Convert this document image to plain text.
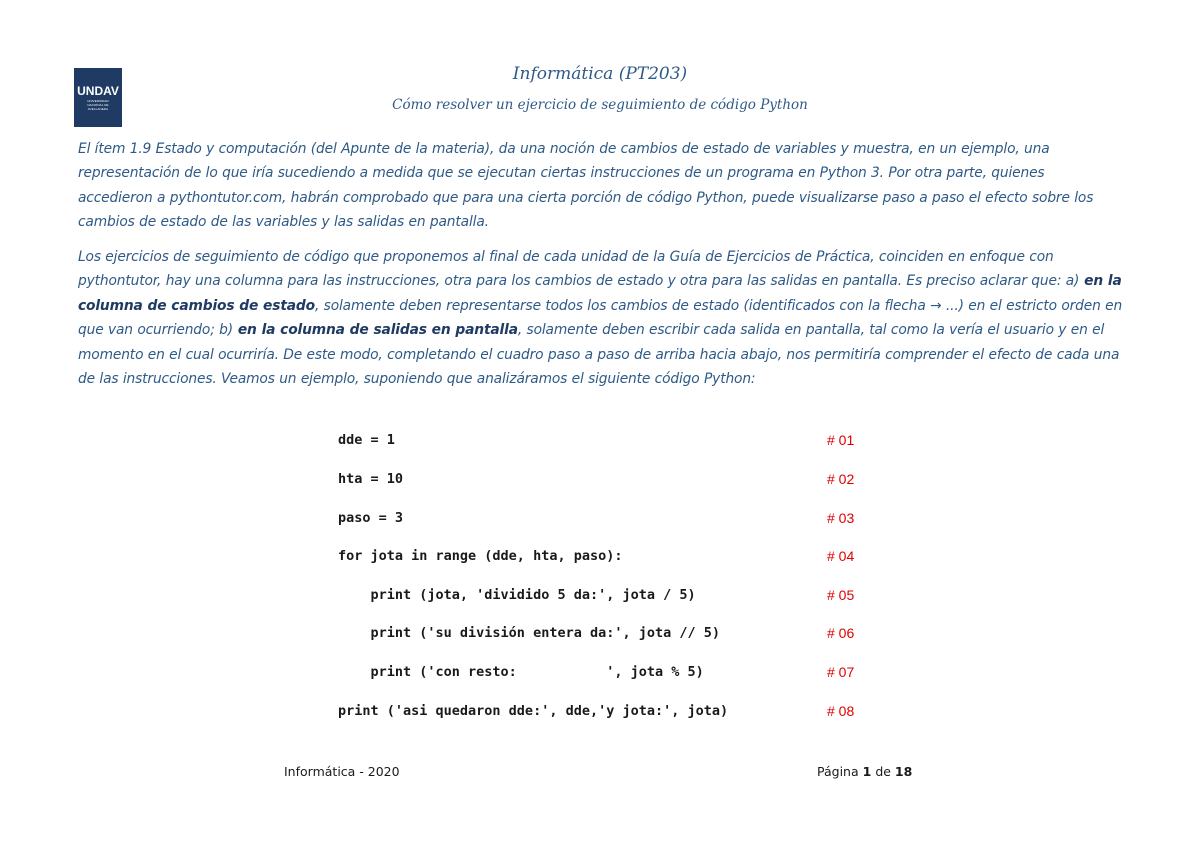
UNDAV
UNIVERSIDAD
NACIONAL DE
AVELLANEDA
Informática (PT203)
Cómo resolver un ejercicio de seguimiento de código Python

El ítem 1.9 Estado y computación (del Apunte de la materia), da una noción de cambios de estado de variables y muestra, en un ejemplo, una representación de lo que iría sucediendo a medida que se ejecutan ciertas instrucciones de un programa en Python 3. Por otra parte, quienes accedieron a pythontutor.com, habrán comprobado que para una cierta porción de código Python, puede visualizarse paso a paso el efecto sobre los cambios de estado de las variables y las salidas en pantalla.

Los ejercicios de seguimiento de código que proponemos al final de cada unidad de la Guía de Ejercicios de Práctica, coinciden en enfoque con pythontutor, hay una columna para las instrucciones, otra para los cambios de estado y otra para las salidas en pantalla. Es preciso aclarar que: a) en la columna de cambios de estado, solamente deben representarse todos los cambios de estado (identificados con la flecha → ...) en el estricto orden en que van ocurriendo; b) en la columna de salidas en pantalla, solamente deben escribir cada salida en pantalla, tal como la vería el usuario y en el momento en el cual ocurriría. De este modo, completando el cuadro paso a paso de arriba hacia abajo, nos permitiría comprender el efecto de cada una de las instrucciones. Veamos un ejemplo, suponiendo que analizáramos el siguiente código Python:

dde = 1	# 01
hta = 10	# 02
paso = 3	# 03
for jota in range (dde, hta, paso):	# 04
print (jota, 'dividido 5 da:', jota / 5)	# 05
print ('su división entera da:', jota // 5)	# 06
print ('con resto:           ', jota % 5)	# 07
print ('asi quedaron dde:', dde,'y jota:', jota)	# 08
Informática - 2020	Página 1 de 18
